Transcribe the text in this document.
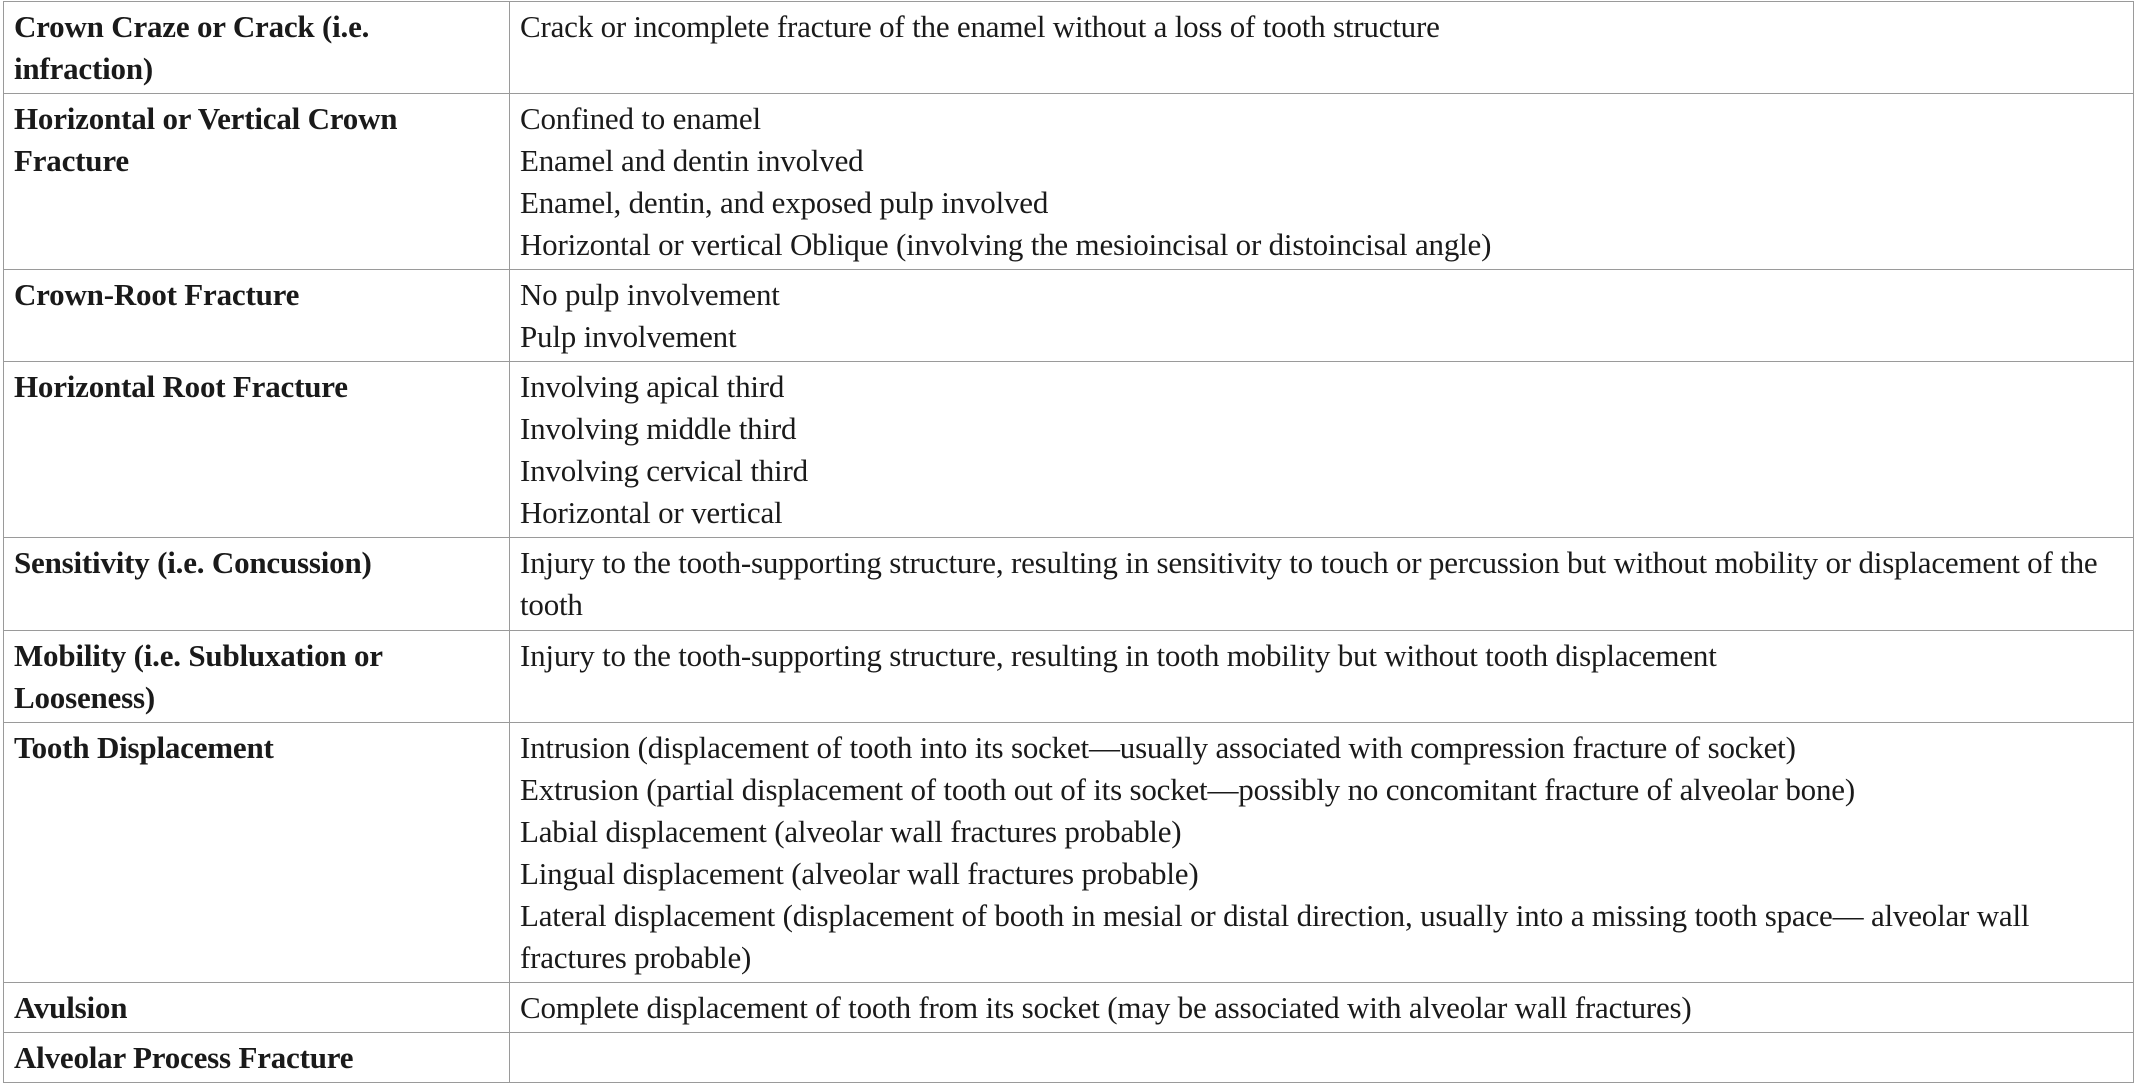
Crown Craze or Crack (i.e. infraction)	Crack or incomplete fracture of the enamel without a loss of tooth structure

Horizontal or Vertical Crown Fracture	Confined to enamel
Enamel and dentin involved
Enamel, dentin, and exposed pulp involved
Horizontal or vertical Oblique (involving the mesioincisal or distoincisal angle)

Crown-Root Fracture	No pulp involvement
Pulp involvement

Horizontal Root Fracture	Involving apical third
Involving middle third
Involving cervical third
Horizontal or vertical

Sensitivity (i.e. Concussion)	Injury to the tooth-supporting structure, resulting in sensitivity to touch or percussion but without mobility or displacement of the tooth

Mobility (i.e. Subluxation or Looseness)	Injury to the tooth-supporting structure, resulting in tooth mobility but without tooth displacement

Tooth Displacement	Intrusion (displacement of tooth into its socket—usually associated with compression fracture of socket)
Extrusion (partial displacement of tooth out of its socket—possibly no concomitant fracture of alveolar bone)
Labial displacement (alveolar wall fractures probable)
Lingual displacement (alveolar wall fractures probable)
Lateral displacement (displacement of booth in mesial or distal direction, usually into a missing tooth space— alveolar wall fractures probable)

Avulsion	Complete displacement of tooth from its socket (may be associated with alveolar wall fractures)

Alveolar Process Fracture	
